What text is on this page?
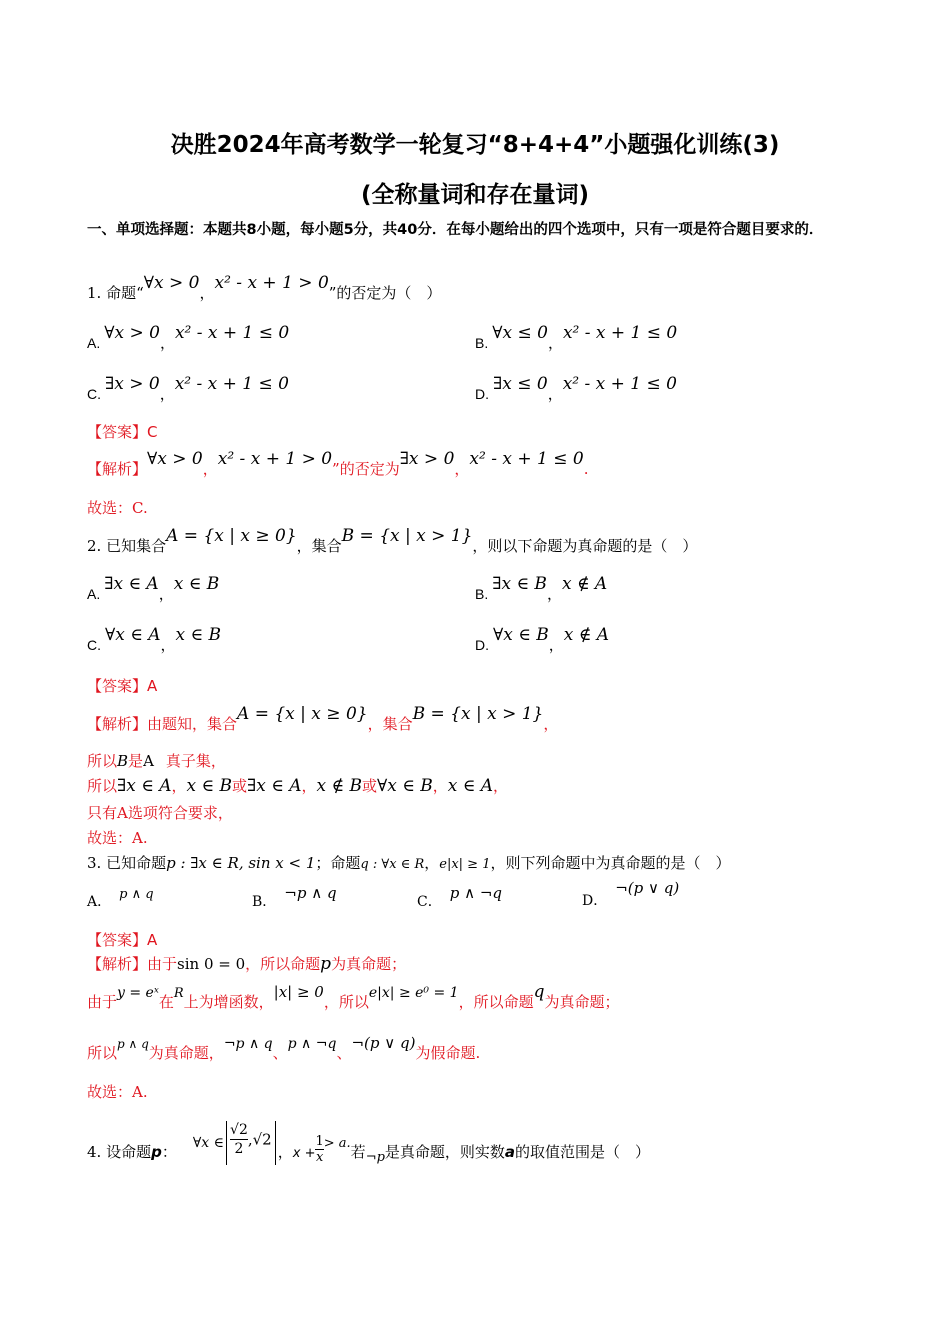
决胜2024年高考数学一轮复习“8+4+4”小题强化训练(3)
(全称量词和存在量词)
一、单项选择题：本题共8小题，每小题5分，共40分．在每小题给出的四个选项中，只有一项是符合题目要求的．
1. 命题“∀x > 0，x² - x + 1 > 0”的否定为（　）
A. ∀x > 0，x² - x + 1 ≤ 0	B. ∀x ≤ 0，x² - x + 1 ≤ 0
C. ∃x > 0，x² - x + 1 ≤ 0	D. ∃x ≤ 0，x² - x + 1 ≤ 0
【答案】C
【解析】∀x > 0，x² - x + 1 > 0”的否定为∃x > 0，x² - x + 1 ≤ 0.
故选：C.
2. 已知集合A = {x | x ≥ 0}，集合B = {x | x > 1}，则以下命题为真命题的是（　）
A. ∃x ∈ A，x ∈ B	B. ∃x ∈ B，x ∉ A
C. ∀x ∈ A，x ∈ B	D. ∀x ∈ B，x ∉ A
【答案】A
【解析】由题知，集合A = {x | x ≥ 0}，集合B = {x | x > 1}，
所以B是A 真子集，
所以∃x ∈ A，x ∈ B或∃x ∈ A，x ∉ B或∀x ∈ B，x ∈ A，
只有A选项符合要求，
故选：A.
3. 已知命题p : ∃x ∈ R, sin x < 1；命题q : ∀x ∈ R，e|x| ≥ 1，则下列命题中为真命题的是（　）
A． p ∧ q	B． ¬p ∧ q	C． p ∧ ¬q	D．¬(p ∨ q)
【答案】A
【解析】由于sin 0 = 0，所以命题p为真命题；
由于y = eˣ在R上为增函数，|x| ≥ 0，所以e|x| ≥ e⁰ = 1，所以命题q为真命题；
所以$^{p \wedge q}$为真命题，¬p ∧ q、p ∧ ¬q、¬(p ∨ q)为假命题.
故选：A.
4. 设命题p： ∀x ∈ $\frac{√2}{2} ,√2$，$x + \frac{1}{x} > a$.若¬p是真命题，则实数a的取值范围是（　）
